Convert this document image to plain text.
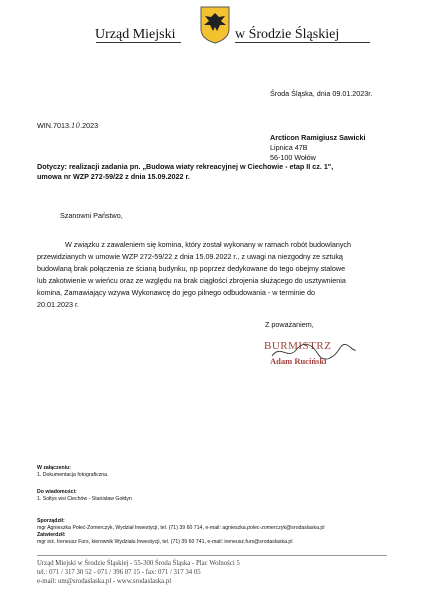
Urząd Miejski	w Środzie Śląskiej
Środa Śląska, dnia 09.01.2023r.
WIN.7013.10.2023
Arcticon Ramigiusz Sawicki
Lipnica 47B
56-100 Wołów
Dotyczy: realizacji zadania pn. „Budowa wiaty rekreacyjnej w Ciechowie - etap II cz. 1",
umowa nr WZP 272-59/22 z dnia 15.09.2022 r.
Szanowni Państwo,
W związku z zawaleniem się komina, który został wykonany w ramach robót budowlanych
przewidzianych w umowie WZP 272-59/22 z dnia 15.09.2022 r., z uwagi na niezgodny ze sztuką
budowlaną brak połączenia ze ścianą budynku, np poprzez dedykowane do tego obejmy stalowe
lub zakotwienie w wieńcu oraz ze względu na brak ciągłości zbrojenia służącego do usztywnienia
komina, Zamawiający wzywa Wykonawcę do jego pilnego odbudowania - w terminie do
20.01.2023 r.
Z poważaniem,
BURMISTRZ
Adam Ruciński
W załączeniu:
1. Dokumentacja fotograficzna.
Do wiadomości:
1. Sołtys wsi Ciechów - Stanisław Gołdyn
Sporządził:
mgr Agnieszka Połeć-Zomerczyk, Wydział Inwestycji, tel. (71) 39 60 714, e-mail: agnieszka.polec-zomerczyk@srodaslaska.pl
Zatwierdził:
mgr inż. Ireneusz Furs, kierownik Wydziału Inwestycji, tel. (71) 39 60 741, e-mail: ireneusz.furs@srodaslaska.pl
Urząd Miejski w Środzie Śląskiej - 55-300 Środa Śląska - Plac Wolności 5
tel.: 071 / 317 30 52 - 071 / 396 07 15 - fax: 071 / 317 34 05
e-mail: um@srodaslaska.pl - www.srodaslaska.pl
